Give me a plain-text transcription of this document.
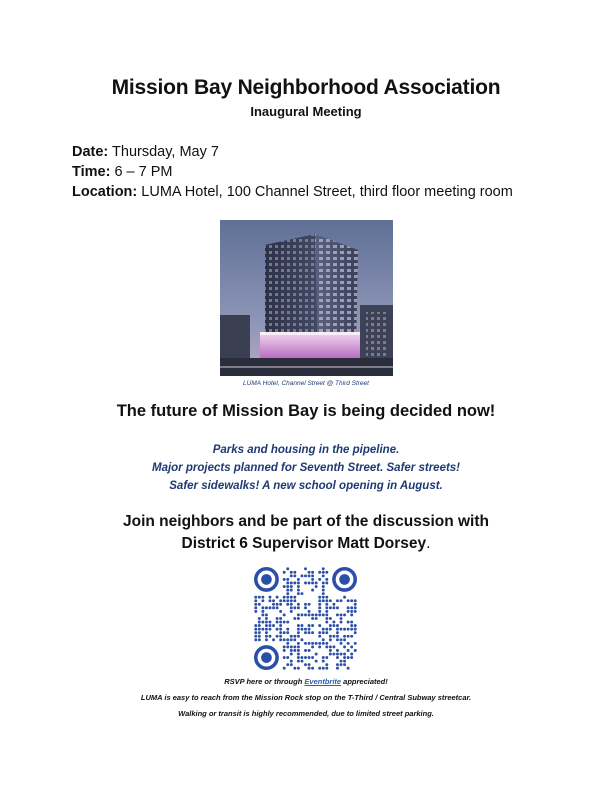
Mission Bay Neighborhood Association
Inaugural Meeting
Date: Thursday, May 7
Time: 6 – 7 PM
Location: LUMA Hotel, 100 Channel Street, third floor meeting room
LUMA Hotel, Channel Street @ Third Street
The future of Mission Bay is being decided now!
Parks and housing in the pipeline.
Major projects planned for Seventh Street. Safer streets!
Safer sidewalks! A new school opening in August.
Join neighbors and be part of the discussion with
District 6 Supervisor Matt Dorsey.
RSVP here or through Eventbrite appreciated!
LUMA is easy to reach from the Mission Rock stop on the T-Third / Central Subway streetcar.
Walking or transit is highly recommended, due to limited street parking.
